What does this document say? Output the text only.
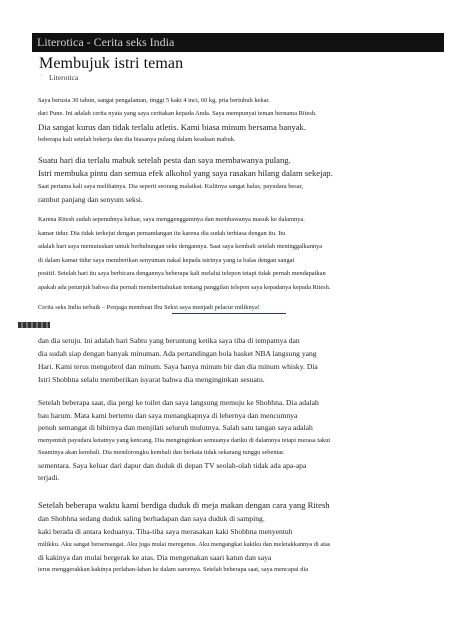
Literotica - Cerita seks India
Membujuk istri teman
ʿ Literotica
Saya berusia 30 tahun, sangat pengalaman, tinggi 5 kaki 4 inci, 60 kg, pria bertubuh kekar.
dari Pune. Ini adalah cerita nyata yang saya ceritakan kepada Anda. Saya mempunyai teman bernama Ritesh.
Dia sangat kurus dan tidak terlalu atletis. Kami biasa minum bersama banyak.
beberapa kali setelah bekerja dan dia biasanya pulang dalam keadaan mabuk.
Suatu hari dia terlalu mabuk setelah pesta dan saya membawanya pulang.
Istri membuka pintu dan semua efek alkohol yang saya rasakan hilang dalam sekejap.
Saat pertama kali saya melihatnya. Dia seperti seorang malaikat. Kulitnya sangat halus, payudara besar,
rambut panjang dan senyum seksi.
Karena Ritesh sudah sepenuhnya keluar, saya menggenggamnya dan membawanya masuk ke dalamnya.
kamar tidur. Dia tidak terkejut dengan pemandangan itu karena dia sudah terbiasa dengan itu. Itu
adalah hari saya memutuskan untuk berhubungan seks dengannya. Saat saya kembali setelah meninggalkannya
di dalam kamar tidur saya memberikan senyuman nakal kepada istrinya yang ia balas dengan sangat
positif. Setelah hari itu saya berbicara dengannya beberapa kali melalui telepon tetapi tidak pernah mendapatkan
apakah ada petunjuk bahwa dia pernah memberitahukan tentang panggilan telepon saya kepadanya kepada Ritesh.
Cerita seks India terbaik – Penjaga membuat Ibu Seksi saya menjadi pelacur miliknya!
dan dia setuju. Ini adalah hari Sabtu yang beruntung ketika saya tiba di tempatnya dan
dia sudah siap dengan banyak minuman. Ada pertandingan bola basket NBA langsung yang
Hari. Kami terus mengobrol dan minum. Saya hanya minum bir dan dia minum whisky. Dia
Istri Shobhna selalu memberikan isyarat bahwa dia menginginkan sesuatu.
Setelah beberapa saat, dia pergi ke toilet dan saya langsung memuju ke Shobhna. Dia adalah
bau harum. Mata kami bertemu dan saya menangkapnya di lehernya dan mencumnya
penuh semangat di bibirnya dan menjilati seluruh mulutnya. Salah satu tangan saya adalah
menyentuh payudara ketatnya yang kencang. Dia menginginkan semuanya dariku di dalamnya tetapi merasa takut
Suaminya akan kembali. Dia mendorongku kembali dan berkata tidak sekarang tunggu sebentar.
sementara. Saya keluar dari dapur dan duduk di depan TV seolah-olah tidak ada apa-apa
terjadi.
Setelah beberapa waktu kami berdiga duduk di meja makan dengan cara yang Ritesh
dan Shobhna sedang duduk saling berhadapan dan saya duduk di samping.
kaki berada di antara keduanya. Tiba-tiba saya merasakan kaki Shobhna menyentuh
milikku. Aku sangat bersemangat. Aku juga mulai meregenus. Aku mengangkat kakiku dan meletakkannya di atas
di kakinya dan mulai bergerak ke atas. Dia mengenakan saari katun dan saya
terus menggerakkan kakinya perlahan-lahan ke dalam sareenya. Setelah beberapa saat, saya mencapai dia
